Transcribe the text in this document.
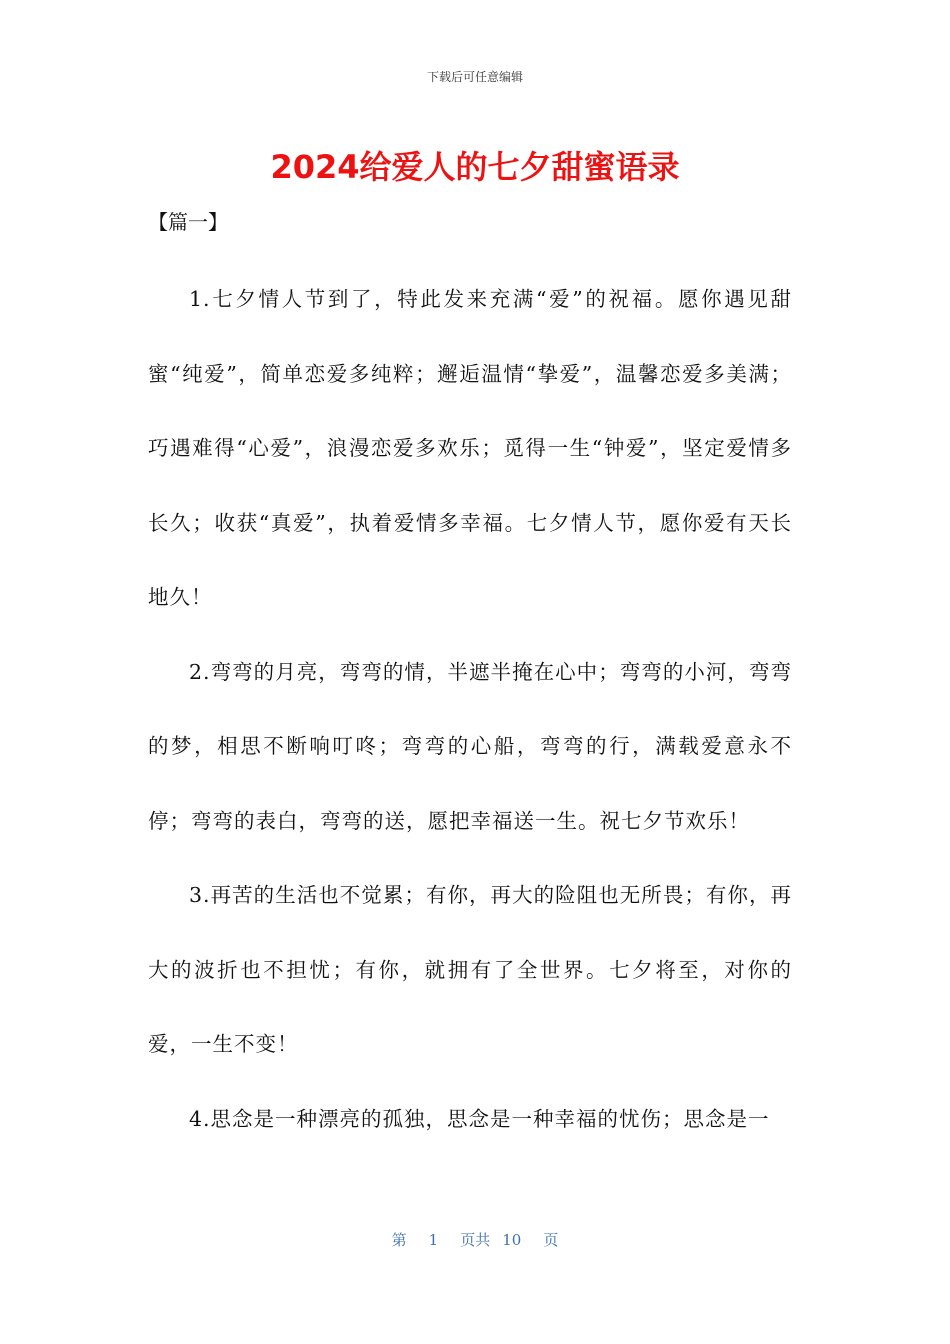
下载后可任意编辑
2024给爱人的七夕甜蜜语录
【篇一】

1.七夕情人节到了，特此发来充满“爱”的祝福。愿你遇见甜蜜“纯爱”，简单恋爱多纯粹；邂逅温情“挚爱”，温馨恋爱多美满；巧遇难得“心爱”，浪漫恋爱多欢乐；觅得一生“钟爱”，坚定爱情多长久；收获“真爱”，执着爱情多幸福。七夕情人节，愿你爱有天长地久！

2.弯弯的月亮，弯弯的情，半遮半掩在心中；弯弯的小河，弯弯的梦，相思不断响叮咚；弯弯的心船，弯弯的行，满载爱意永不停；弯弯的表白，弯弯的送，愿把幸福送一生。祝七夕节欢乐！

3.再苦的生活也不觉累；有你，再大的险阻也无所畏；有你，再大的波折也不担忧；有你，就拥有了全世界。七夕将至，对你的爱，一生不变！

4.思念是一种漂亮的孤独，思念是一种幸福的忧伤；思念是一

第 1 页共 10 页
